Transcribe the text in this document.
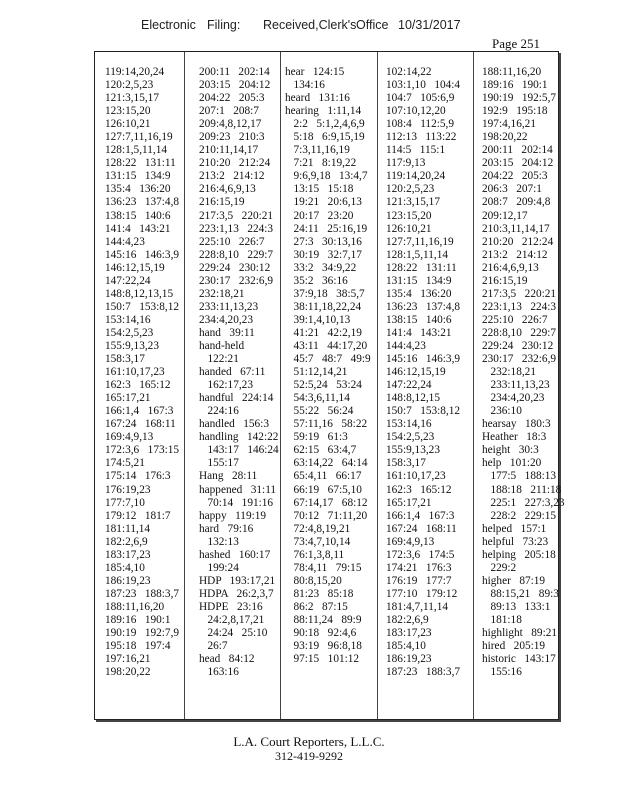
Electronic Filing: Received,Clerk's Office 10/31/2017
Page 251
119:14,20,24
120:2,5,23
121:3,15,17
123:15,20
126:10,21
127:7,11,16,19
128:1,5,11,14
128:22   131:11
131:15   134:9
135:4   136:20
136:23   137:4,8
138:15   140:6
141:4   143:21
144:4,23
145:16   146:3,9
146:12,15,19
147:22,24
148:8,12,13,15
150:7   153:8,12
153:14,16
154:2,5,23
155:9,13,23
158:3,17
161:10,17,23
162:3   165:12
165:17,21
166:1,4   167:3
167:24   168:11
169:4,9,13
172:3,6   173:15
174:5,21
175:14   176:3
176:19,23
177:7,10
179:12   181:7
181:11,14
182:2,6,9
183:17,23
185:4,10
186:19,23
187:23   188:3,7
188:11,16,20
189:16   190:1
190:19   192:7,9
195:18   197:4
197:16,21
198:20,22
200:11   202:14
203:15   204:12
204:22   205:3
207:1   208:7
209:4,8,12,17
209:23   210:3
210:11,14,17
210:20   212:24
213:2   214:12
216:4,6,9,13
216:15,19
217:3,5   220:21
223:1,13   224:3
225:10   226:7
228:8,10   229:7
229:24   230:12
230:17   232:6,9
232:18,21
233:11,13,23
234:4,20,23
hand   39:11
hand-held
122:21
handed   67:11
162:17,23
handful   224:14
224:16
handled   156:3
handling   142:22
143:17   146:24
155:17
Hang   28:11
happened   31:11
70:14   191:16
happy   119:19
hard   79:16
132:13
hashed   160:17
199:24
HDP   193:17,21
HDPA   26:2,3,7
HDPE   23:16
24:2,8,17,21
24:24   25:10
26:7
head   84:12
163:16
hear   124:15
134:16
heard   131:16
hearing   1:11,14
2:2   5:1,2,4,6,9
5:18   6:9,15,19
7:3,11,16,19
7:21   8:19,22
9:6,9,18   13:4,7
13:15   15:18
19:21   20:6,13
20:17   23:20
24:11   25:16,19
27:3   30:13,16
30:19   32:7,17
33:2   34:9,22
35:2   36:16
37:9,18   38:5,7
38:11,18,22,24
39:1,4,10,13
41:21   42:2,19
43:11   44:17,20
45:7   48:7   49:9
51:12,14,21
52:5,24   53:24
54:3,6,11,14
55:22   56:24
57:11,16   58:22
59:19   61:3
62:15   63:4,7
63:14,22   64:14
65:4,11   66:17
66:19   67:5,10
67:14,17   68:12
70:12   71:11,20
72:4,8,19,21
73:4,7,10,14
76:1,3,8,11
78:4,11   79:15
80:8,15,20
81:23   85:18
86:2   87:15
88:11,24   89:9
90:18   92:4,6
93:19   96:8,18
97:15   101:12
102:14,22
103:1,10   104:4
104:7   105:6,9
107:10,12,20
108:4   112:5,9
112:13   113:22
114:5   115:1
117:9,13
119:14,20,24
120:2,5,23
121:3,15,17
123:15,20
126:10,21
127:7,11,16,19
128:1,5,11,14
128:22   131:11
131:15   134:9
135:4   136:20
136:23   137:4,8
138:15   140:6
141:4   143:21
144:4,23
145:16   146:3,9
146:12,15,19
147:22,24
148:8,12,15
150:7   153:8,12
153:14,16
154:2,5,23
155:9,13,23
158:3,17
161:10,17,23
162:3   165:12
165:17,21
166:1,4   167:3
167:24   168:11
169:4,9,13
172:3,6   174:5
174:21   176:3
176:19   177:7
177:10   179:12
181:4,7,11,14
182:2,6,9
183:17,23
185:4,10
186:19,23
187:23   188:3,7
188:11,16,20
189:16   190:1
190:19   192:5,7
192:9   195:18
197:4,16,21
198:20,22
200:11   202:14
203:15   204:12
204:22   205:3
206:3   207:1
208:7   209:4,8
209:12,17
210:3,11,14,17
210:20   212:24
213:2   214:12
216:4,6,9,13
216:15,19
217:3,5   220:21
223:1,13   224:3
225:10   226:7
228:8,10   229:7
229:24   230:12
230:17   232:6,9
232:18,21
233:11,13,23
234:4,20,23
236:10
hearsay   180:3
Heather   18:3
height   30:3
help   101:20
177:5   188:13
188:18   211:18
225:1   227:3,23
228:2   229:15
helped   157:1
helpful   73:23
helping   205:18
229:2
higher   87:19
88:15,21   89:3
89:13   133:1
181:18
highlight   89:21
hired   205:19
historic   143:17
155:16
L.A. Court Reporters, L.L.C.
312-419-9292
